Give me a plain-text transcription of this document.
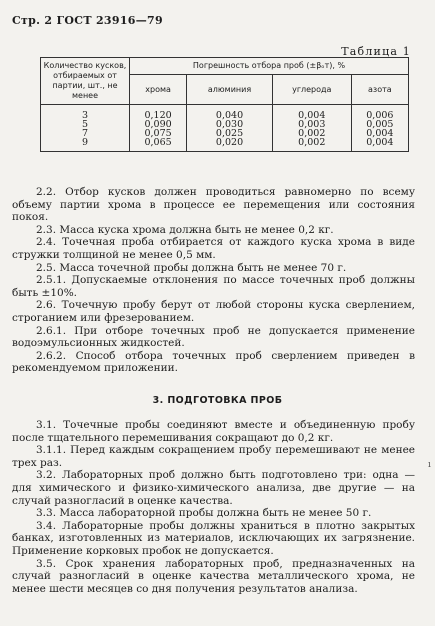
Стр. 2 ГОСТ 23916—79
Таблица 1
Количество кусков, отбираемых от партии, шт., не менее	Погрешность отбора проб (±βₒᴛ), %			
	хрома	алюминия	углерода	азота
3	0,120	0,040	0,004	0,006
5	0,090	0,030	0,003	0,005
7	0,075	0,025	0,002	0,004
9	0,065	0,020	0,002	0,004

2.2. Отбор кусков должен проводиться равномерно по всему объему партии хрома в процессе ее перемещения или состояния покоя.

2.3. Масса куска хрома должна быть не менее 0,2 кг.

2.4. Точечная проба отбирается от каждого куска хрома в виде стружки толщиной не менее 0,5 мм.

2.5. Масса точечной пробы должна быть не менее 70 г.

2.5.1. Допускаемые отклонения по массе точечных проб должны быть ±10%.

2.6. Точечную пробу берут от любой стороны куска сверлением, строганием или фрезерованием.

2.6.1. При отборе точечных проб не допускается применение водоэмульсионных жидкостей.

2.6.2. Способ отбора точечных проб сверлением приведен в рекомендуемом приложении.

3. ПОДГОТОВКА ПРОБ

3.1. Точечные пробы соединяют вместе и объединенную пробу после тщательного перемешивания сокращают до 0,2 кг.

3.1.1. Перед каждым сокращением пробу перемешивают не менее трех раз.

3.2. Лабораторных проб должно быть подготовлено три: одна — для химического и физико-химического анализа, две другие — на случай разногласий в оценке качества.

3.3. Масса лабораторной пробы должна быть не менее 50 г.

3.4. Лабораторные пробы должны храниться в плотно закрытых банках, изготовленных из материалов, исключающих их загрязнение. Применение корковых пробок не допускается.

3.5. Срок хранения лабораторных проб, предназначенных на случай разногласий в оценке качества металлического хрома, не менее шести месяцев со дня получения результатов анализа.

ı
